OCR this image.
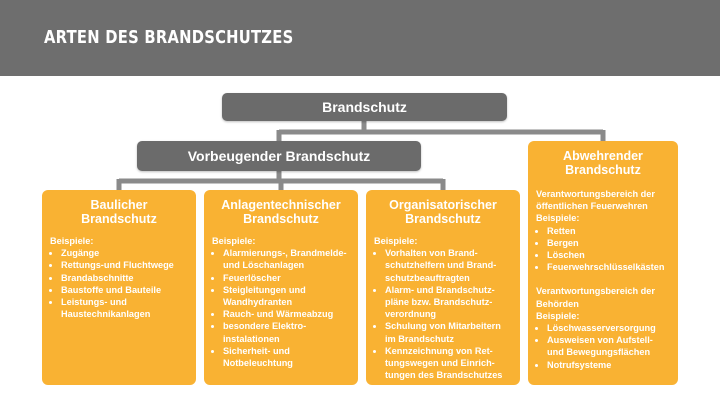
ARTEN DES BRANDSCHUTZES
Brandschutz
Vorbeugender Brandschutz
Baulicher
Brandschutz
Beispiele:
• Zugänge
• Rettungs-und Fluchtwege
• Brandabschnitte
• Baustoffe und Bauteile
• Leistungs- und Haustechnikanlagen
Anlagentechnischer
Brandschutz
Beispiele:
• Alarmierungs-, Brandmelde- und Löschanlagen
• Feuerlöscher
• Steigleitungen und Wandhydranten
• Rauch- und Wärmeabzug
• besondere Elektro-instalationen
• Sicherheit- und Notbeleuchtung
Organisatorischer
Brandschutz
Beispiele:
• Vorhalten von Brand-schutzhelfern und Brand-schutzbeauftragten
• Alarm- und Brandschutz-pläne bzw. Brandschutz-verordnung
• Schulung von Mitarbeitern im Brandschutz
• Kennzeichnung von Ret-tungswegen und Einrich-tungen des Brandschutzes
Abwehrender
Brandschutz
Verantwortungsbereich der öffentlichen Feuerwehren
Beispiele:
• Retten
• Bergen
• Löschen
• Feuerwehrschlüsselkästen
Verantwortungsbereich der Behörden
Beispiele:
• Löschwasserversorgung
• Ausweisen von Aufstell- und Bewegungsflächen
• Notrufsysteme
